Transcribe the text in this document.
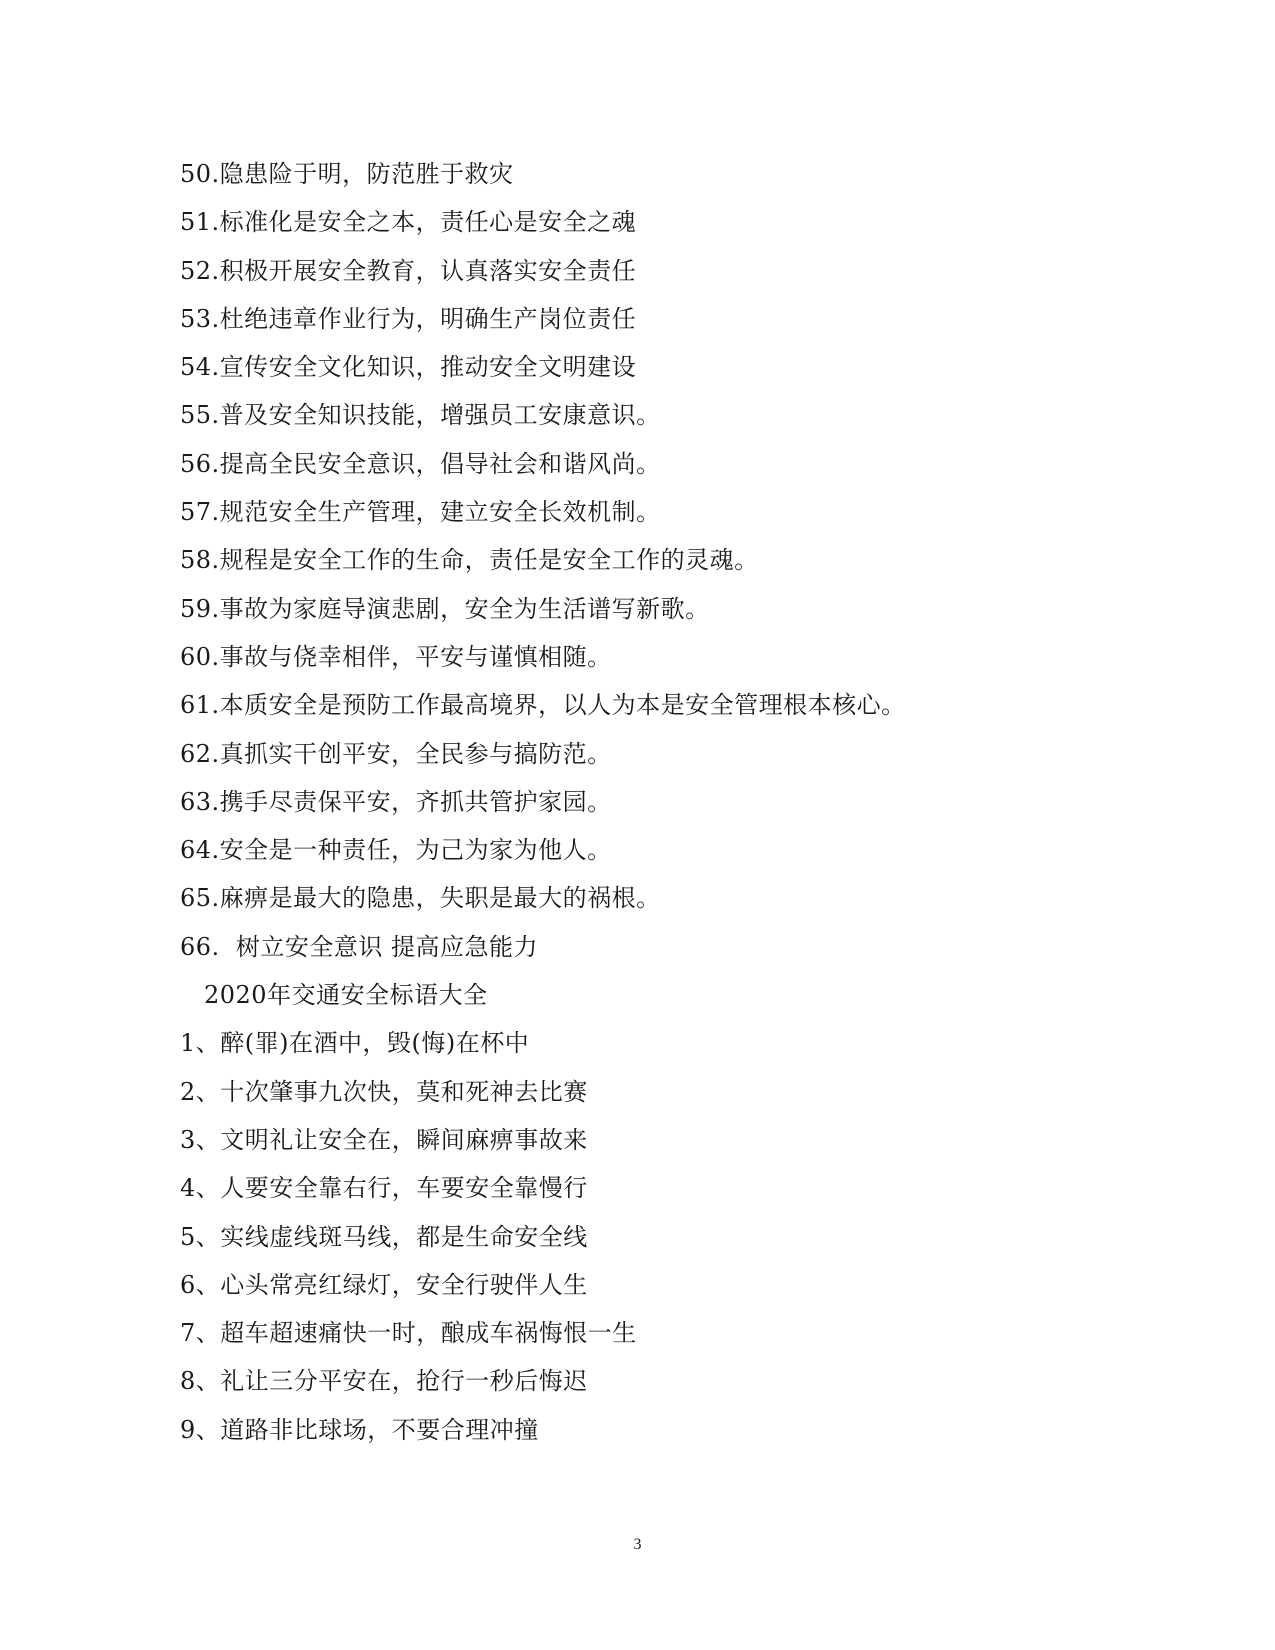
50.隐患险于明，防范胜于救灾
51.标准化是安全之本，责任心是安全之魂
52.积极开展安全教育，认真落实安全责任
53.杜绝违章作业行为，明确生产岗位责任
54.宣传安全文化知识，推动安全文明建设
55.普及安全知识技能，增强员工安康意识。
56.提高全民安全意识，倡导社会和谐风尚。
57.规范安全生产管理，建立安全长效机制。
58.规程是安全工作的生命，责任是安全工作的灵魂。
59.事故为家庭导演悲剧，安全为生活谱写新歌。
60.事故与侥幸相伴，平安与谨慎相随。
61.本质安全是预防工作最高境界，以人为本是安全管理根本核心。
62.真抓实干创平安，全民参与搞防范。
63.携手尽责保平安，齐抓共管护家园。
64.安全是一种责任，为己为家为他人。
65.麻痹是最大的隐患，失职是最大的祸根。
66.  树立安全意识 提高应急能力
2020年交通安全标语大全
1、醉(罪)在酒中，毁(悔)在杯中
2、十次肇事九次快，莫和死神去比赛
3、文明礼让安全在，瞬间麻痹事故来
4、人要安全靠右行，车要安全靠慢行
5、实线虚线斑马线，都是生命安全线
6、心头常亮红绿灯，安全行驶伴人生
7、超车超速痛快一时，酿成车祸悔恨一生
8、礼让三分平安在，抢行一秒后悔迟
9、道路非比球场，不要合理冲撞
3
